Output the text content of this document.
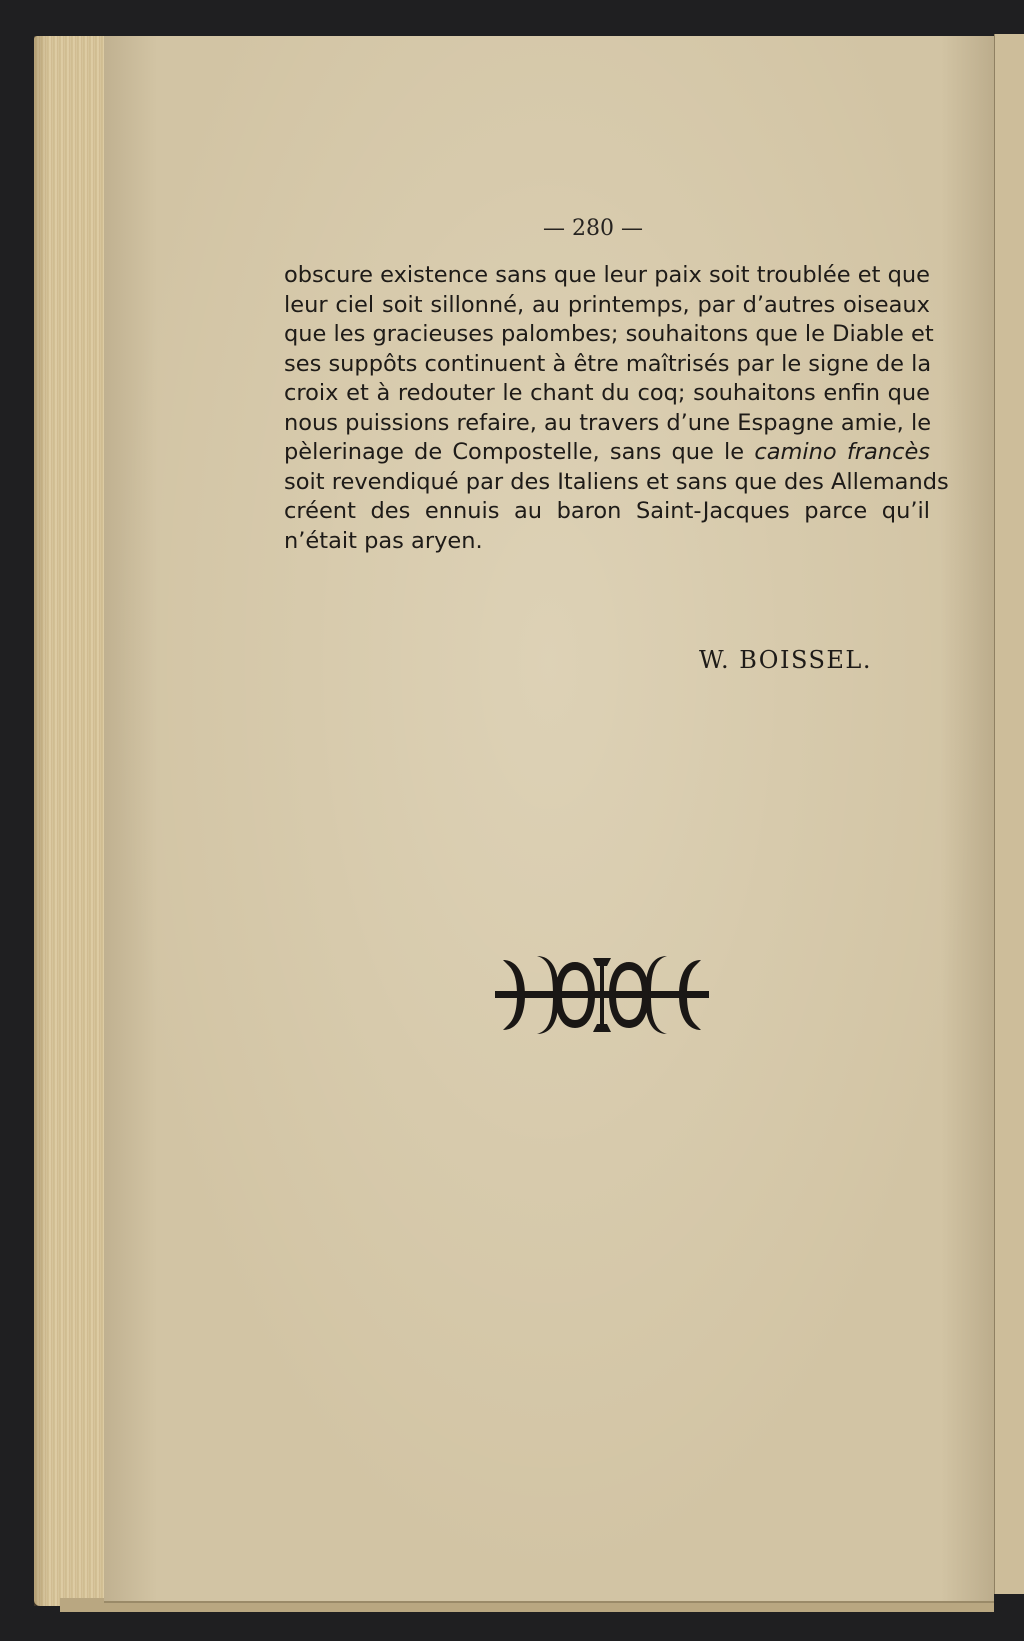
— 280 —
obscure existence sans que leur paix soit troublée et que
leur ciel soit sillonné, au printemps, par d’autres oiseaux
que les gracieuses palombes; souhaitons que le Diable et
ses suppôts continuent à être maîtrisés par le signe de la
croix et à redouter le chant du coq; souhaitons enfin que
nous puissions refaire, au travers d’une Espagne amie, le
pèlerinage de Compostelle, sans que le camino francès
soit revendiqué par des Italiens et sans que des Allemands
créent des ennuis au baron Saint-Jacques parce qu’il
n’était pas aryen.
W. BOISSEL.
